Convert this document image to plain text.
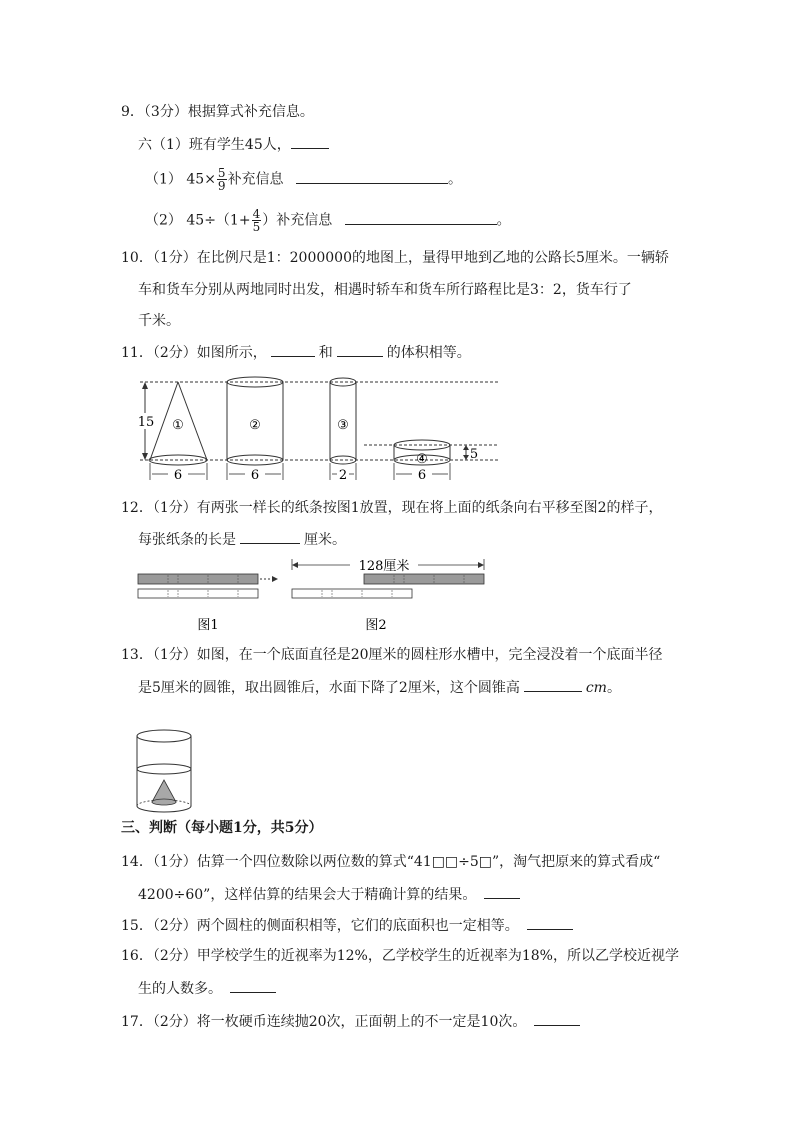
9．（3分）根据算式补充信息。
六（1）班有学生45人，
（1） $45\times \frac{5}{9}$ 补充信息	。
（2） $45\div(1+ \frac{4}{5}$ ）补充信息	。
10．（1分）在比例尺是1：2000000的地图上，量得甲地到乙地的公路长5厘米。一辆轿
车和货车分别从两地同时出发，相遇时轿车和货车所行路程比是3：2，货车行了
千米。
11．（2分）如图所示，	和	的体积相等。
15 ①
6
②
6
③
2
④
6
5
12．（1分）有两张一样长的纸条按图1放置，现在将上面的纸条向右平移至图2的样子，
每张纸条的长是	厘米。
图1
128厘米
图2
13．（1分）如图，在一个底面直径是20厘米的圆柱形水槽中，完全浸没着一个底面半径
是5厘米的圆锥，取出圆锥后，水面下降了2厘米，这个圆锥高	cm。
三、判断（每小题1分，共5分）
14．（1分）估算一个四位数除以两位数的算式“41□□÷5□”，淘气把原来的算式看成“
4200÷60”，这样估算的结果会大于精确计算的结果。
15．（2分）两个圆柱的侧面积相等，它们的底面积也一定相等。
16．（2分）甲学校学生的近视率为12%，乙学校学生的近视率为18%，所以乙学校近视学
生的人数多。
17．（2分）将一枚硬币连续抛20次，正面朝上的不一定是10次。
